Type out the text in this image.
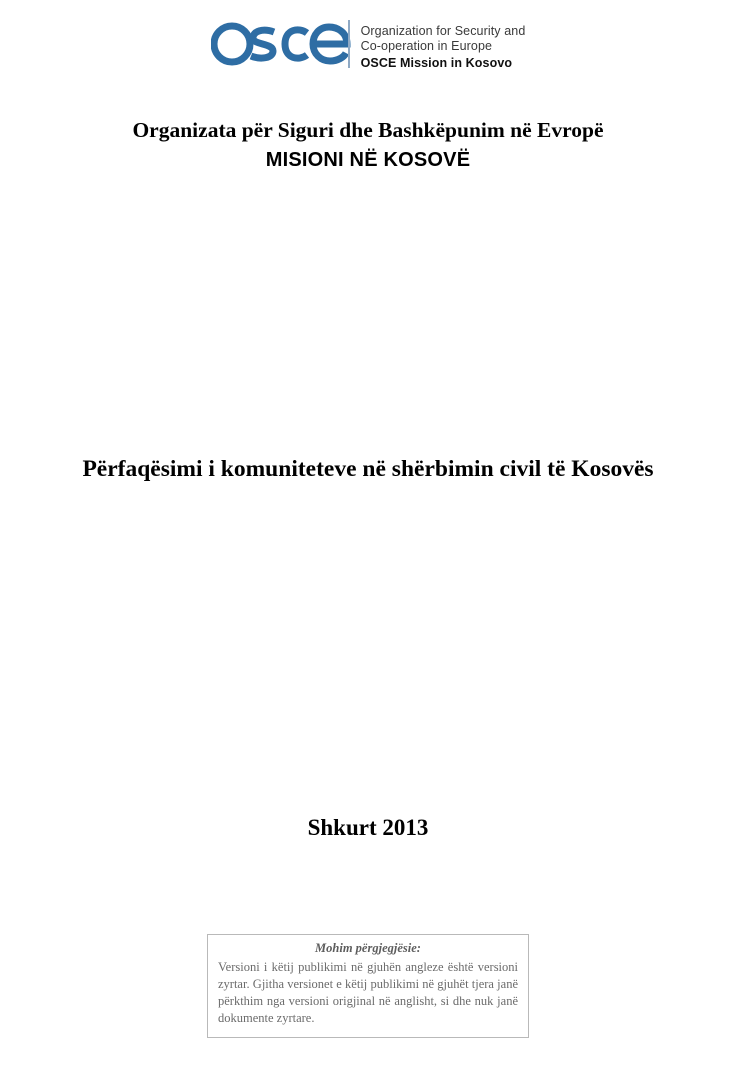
Organization for Security and
Co-operation in Europe
OSCE Mission in Kosovo
Organizata për Siguri dhe Bashkëpunim në Evropë
MISIONI NË KOSOVË
Përfaqësimi i komuniteteve në shërbimin civil të Kosovës
Shkurt 2013
Mohim përgjegjësie:
Versioni i këtij publikimi në gjuhën angleze është versioni zyrtar. Gjitha versionet e këtij publikimi në gjuhët tjera janë përkthim nga versioni origjinal në anglisht, si dhe nuk janë dokumente zyrtare.
